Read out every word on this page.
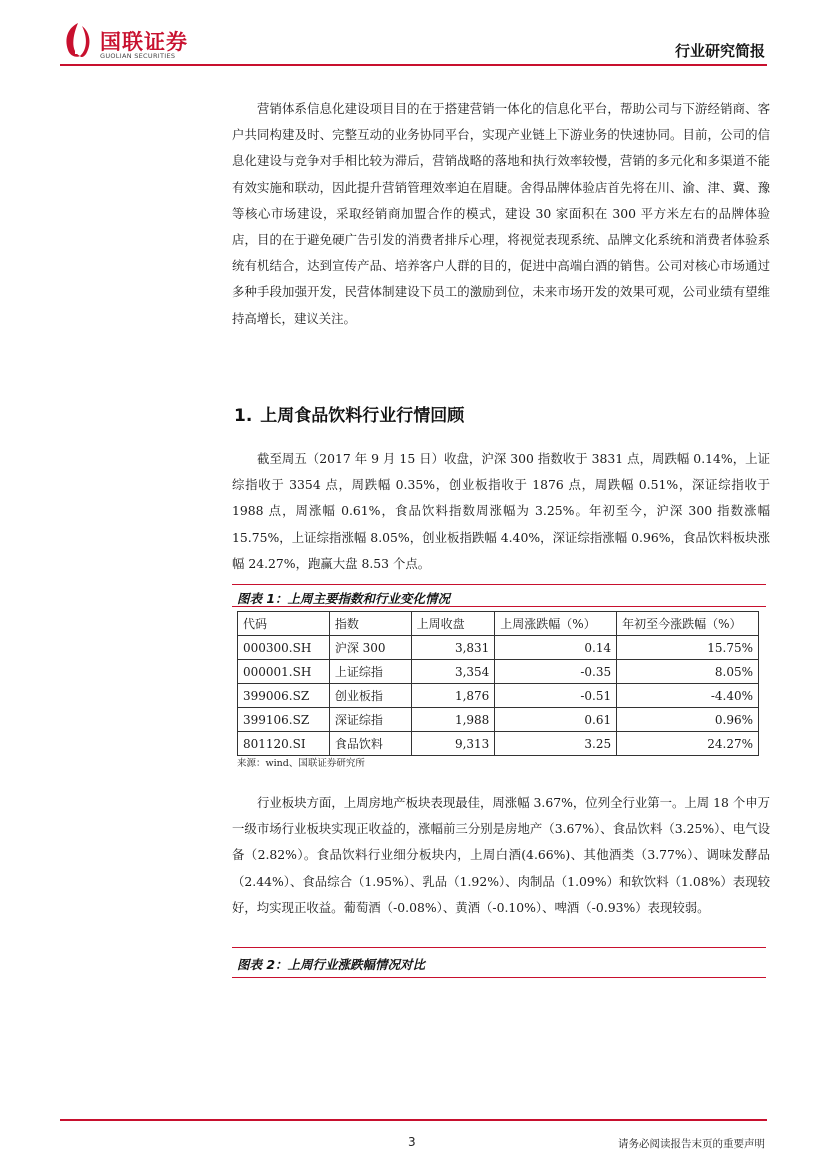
国联证券
GUOLIAN SECURITIES	行业研究简报

营销体系信息化建设项目目的在于搭建营销一体化的信息化平台，帮助公司与下游经销商、客户共同构建及时、完整互动的业务协同平台，实现产业链上下游业务的快速协同。目前，公司的信息化建设与竞争对手相比较为滞后，营销战略的落地和执行效率较慢，营销的多元化和多渠道不能有效实施和联动，因此提升营销管理效率迫在眉睫。舍得品牌体验店首先将在川、渝、津、冀、豫等核心市场建设，采取经销商加盟合作的模式，建设 30 家面积在 300 平方米左右的品牌体验店，目的在于避免硬广告引发的消费者排斥心理，将视觉表现系统、品牌文化系统和消费者体验系统有机结合，达到宣传产品、培养客户人群的目的，促进中高端白酒的销售。公司对核心市场通过多种手段加强开发，民营体制建设下员工的激励到位，未来市场开发的效果可观，公司业绩有望维持高增长，建议关注。

1. 上周食品饮料行业行情回顾

截至周五（2017 年 9 月 15 日）收盘，沪深 300 指数收于 3831 点，周跌幅 0.14%，上证综指收于 3354 点，周跌幅 0.35%，创业板指收于 1876 点，周跌幅 0.51%，深证综指收于 1988 点，周涨幅 0.61%，食品饮料指数周涨幅为 3.25%。年初至今，沪深 300 指数涨幅 15.75%，上证综指涨幅 8.05%，创业板指跌幅 4.40%，深证综指涨幅 0.96%，食品饮料板块涨幅 24.27%，跑赢大盘 8.53 个点。

图表 1：上周主要指数和行业变化情况
代码	指数	上周收盘	上周涨跌幅（%）	年初至今涨跌幅（%）
000300.SH	沪深 300	3,831	0.14	15.75%
000001.SH	上证综指	3,354	-0.35	8.05%
399006.SZ	创业板指	1,876	-0.51	-4.40%
399106.SZ	深证综指	1,988	0.61	0.96%
801120.SI	食品饮料	9,313	3.25	24.27%
来源：wind、国联证券研究所

行业板块方面，上周房地产板块表现最佳，周涨幅 3.67%，位列全行业第一。上周 18 个申万一级市场行业板块实现正收益的，涨幅前三分别是房地产（3.67%）、食品饮料（3.25%）、电气设备（2.82%）。食品饮料行业细分板块内，上周白酒(4.66%)、其他酒类（3.77%）、调味发酵品（2.44%）、食品综合（1.95%）、乳品（1.92%）、肉制品（1.09%）和软饮料（1.08%）表现较好，均实现正收益。葡萄酒（-0.08%）、黄酒（-0.10%）、啤酒（-0.93%）表现较弱。

图表 2：上周行业涨跌幅情况对比
3	请务必阅读报告末页的重要声明
